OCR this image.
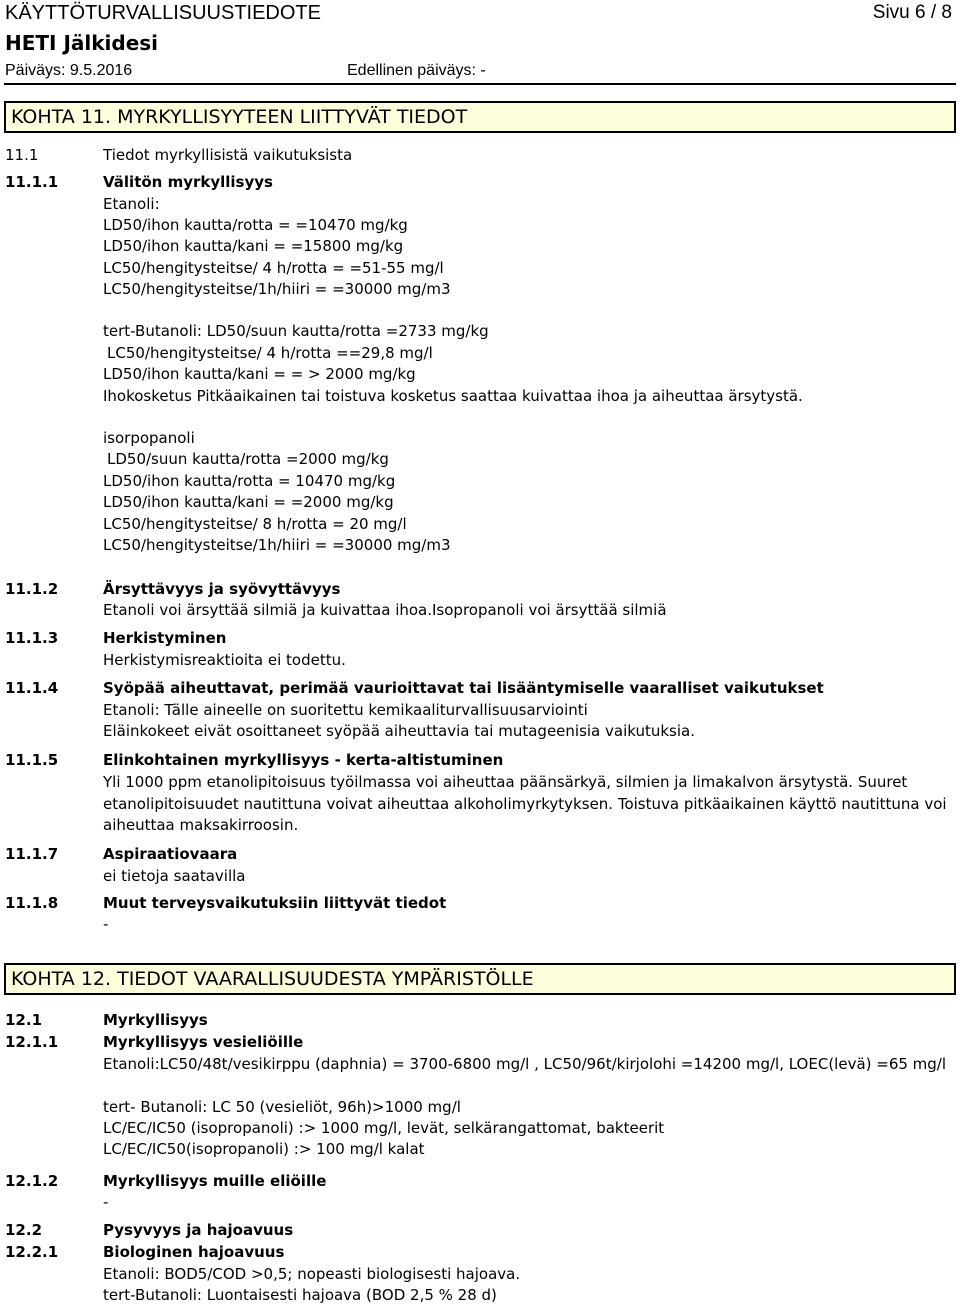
KÄYTTÖTURVALLISUUSTIEDOTE	Sivu 6 / 8
HETI Jälkidesi
Päiväys: 9.5.2016	Edellinen päiväys: -
KOHTA 11. MYRKYLLISYYTEEN LIITTYVÄT TIEDOT
11.1	Tiedot myrkyllisistä vaikutuksista
11.1.1	Välitön myrkyllisyys
Etanoli:
LD50/ihon kautta/rotta = =10470 mg/kg
LD50/ihon kautta/kani = =15800 mg/kg
LC50/hengitysteitse/ 4 h/rotta = =51-55 mg/l
LC50/hengitysteitse/1h/hiiri = =30000 mg/m3
tert-Butanoli: LD50/suun kautta/rotta =2733 mg/kg
LC50/hengitysteitse/ 4 h/rotta ==29,8 mg/l
LD50/ihon kautta/kani = = > 2000 mg/kg
Ihokosketus Pitkäaikainen tai toistuva kosketus saattaa kuivattaa ihoa ja aiheuttaa ärsytystä.
isorpopanoli
LD50/suun kautta/rotta =2000 mg/kg
LD50/ihon kautta/rotta = 10470 mg/kg
LD50/ihon kautta/kani = =2000 mg/kg
LC50/hengitysteitse/ 8 h/rotta = 20 mg/l
LC50/hengitysteitse/1h/hiiri = =30000 mg/m3
11.1.2	Ärsyttävyys ja syövyttävyys
Etanoli voi ärsyttää silmiä ja kuivattaa ihoa.Isopropanoli voi ärsyttää silmiä
11.1.3	Herkistyminen
Herkistymisreaktioita ei todettu.
11.1.4	Syöpää aiheuttavat, perimää vaurioittavat tai lisääntymiselle vaaralliset vaikutukset
Etanoli: Tälle aineelle on suoritettu kemikaaliturvallisuusarviointi
Eläinkokeet eivät osoittaneet syöpää aiheuttavia tai mutageenisia vaikutuksia.
11.1.5	Elinkohtainen myrkyllisyys - kerta-altistuminen
Yli 1000 ppm etanolipitoisuus työilmassa voi aiheuttaa päänsärkyä, silmien ja limakalvon ärsytystä. Suuret etanolipitoisuudet nautittuna voivat aiheuttaa alkoholimyrkytyksen. Toistuva pitkäaikainen käyttö nautittuna voi aiheuttaa maksakirroosin.
11.1.7	Aspiraatiovaara
ei tietoja saatavilla
11.1.8	Muut terveysvaikutuksiin liittyvät tiedot
-
KOHTA 12. TIEDOT VAARALLISUUDESTA YMPÄRISTÖLLE
12.1	Myrkyllisyys
12.1.1	Myrkyllisyys vesieliöille
Etanoli:LC50/48t/vesikirppu (daphnia) = 3700-6800 mg/l , LC50/96t/kirjolohi =14200 mg/l, LOEC(levä) =65 mg/l
tert- Butanoli: LC 50 (vesieliöt, 96h)>1000 mg/l
LC/EC/IC50 (isopropanoli) :> 1000 mg/l, levät, selkärangattomat, bakteerit
LC/EC/IC50(isopropanoli) :> 100 mg/l kalat
12.1.2	Myrkyllisyys muille eliöille
-
12.2	Pysyvyys ja hajoavuus
12.2.1	Biologinen hajoavuus
Etanoli: BOD5/COD >0,5; nopeasti biologisesti hajoava.
tert-Butanoli: Luontaisesti hajoava (BOD 2,5 % 28 d)
